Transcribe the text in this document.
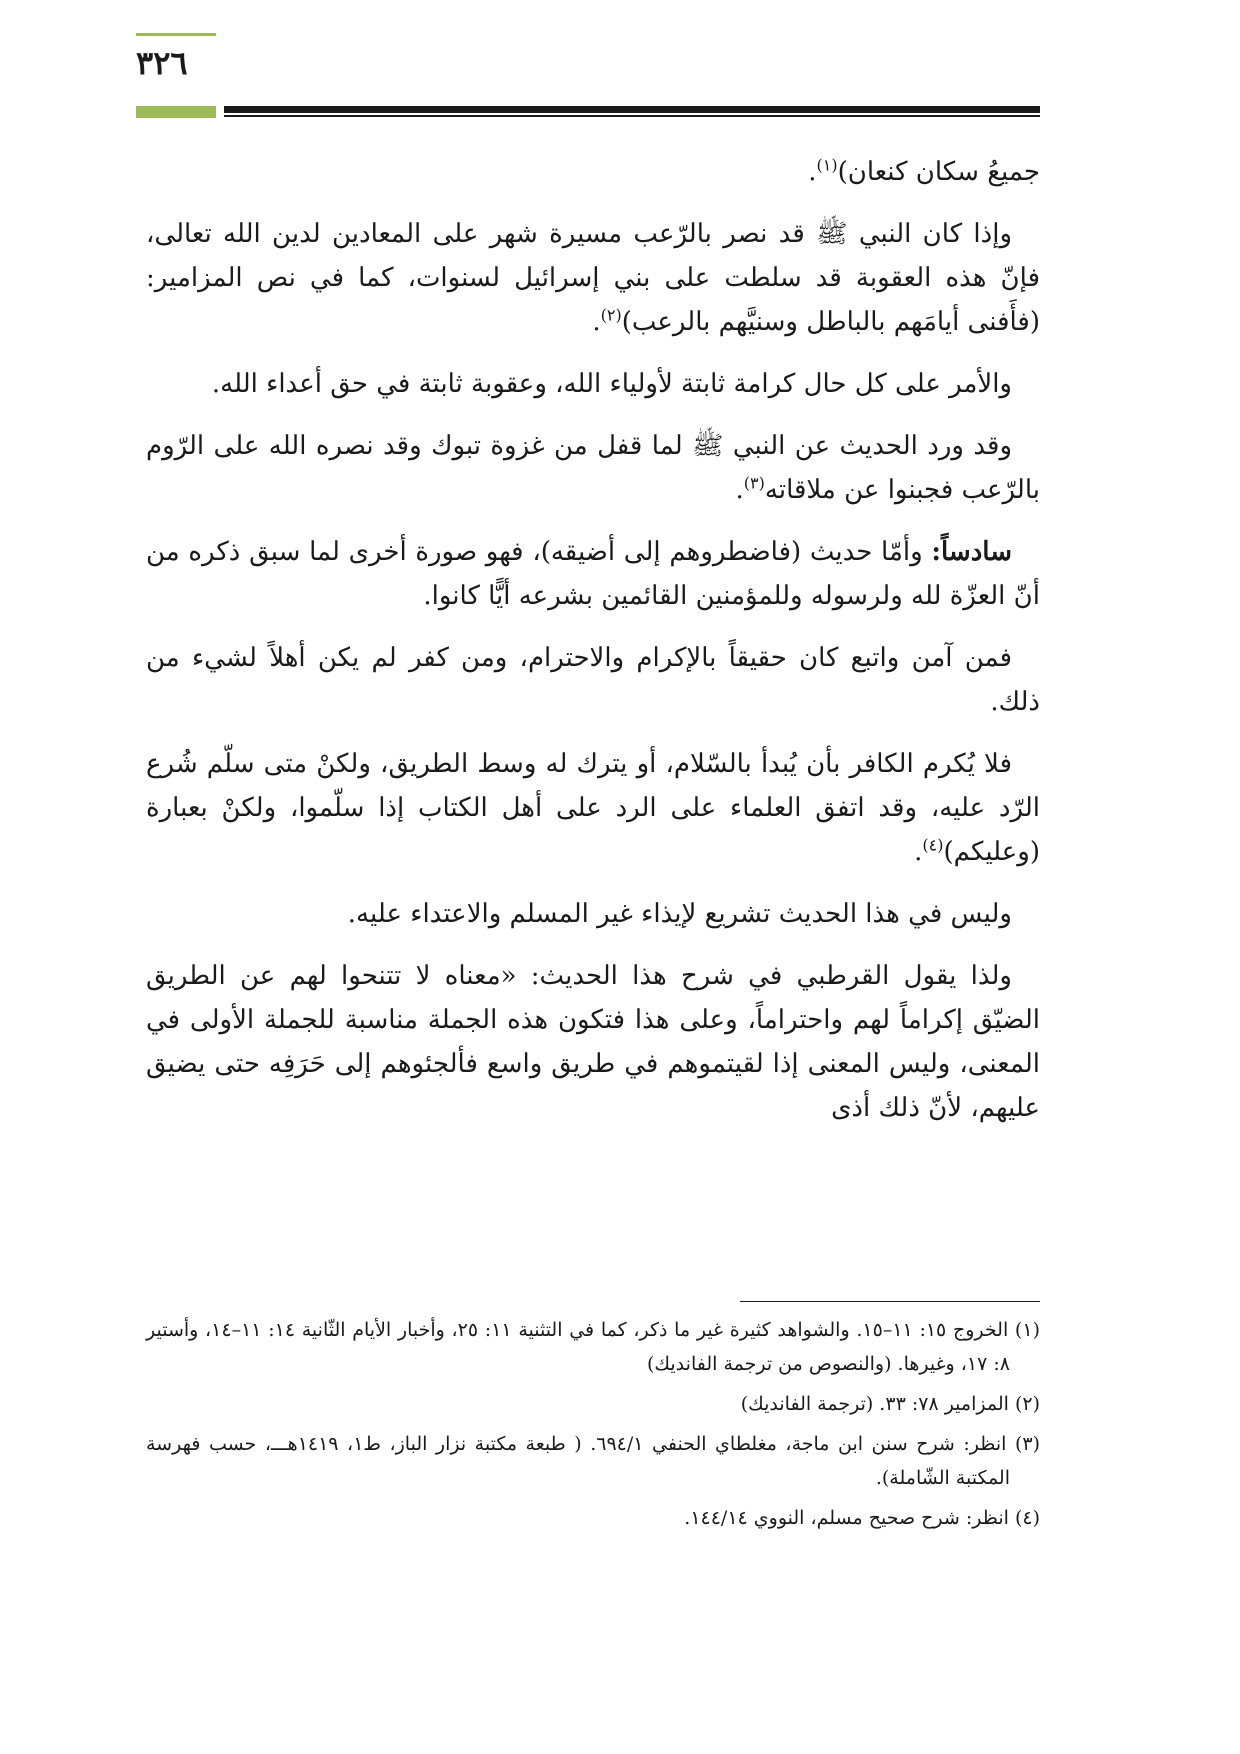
٣٢٦

جميعُ سكان كنعان)$^{(١)}$.

وإذا كان النبي ﷺ قد نصر بالرّعب مسيرة شهر على المعادين لدين الله تعالى، فإنّ هذه العقوبة قد سلطت على بني إسرائيل لسنوات، كما في نص المزامير: (فأَفنى أيامَهم بالباطل وسنيَّهم بالرعب)$^{(٢)}$.

والأمر على كل حال كرامة ثابتة لأولياء الله، وعقوبة ثابتة في حق أعداء الله.

وقد ورد الحديث عن النبي ﷺ لما قفل من غزوة تبوك وقد نصره الله على الرّوم بالرّعب فجبنوا عن ملاقاته$^{(٣)}$.

سادساً: وأمّا حديث (فاضطروهم إلى أضيقه)، فهو صورة أخرى لما سبق ذكره من أنّ العزّة لله ولرسوله وللمؤمنين القائمين بشرعه أيًّا كانوا.

فمن آمن واتبع كان حقيقاً بالإكرام والاحترام، ومن كفر لم يكن أهلاً لشيء من ذلك.

فلا يُكرم الكافر بأن يُبدأ بالسّلام، أو يترك له وسط الطريق، ولكنْ متى سلّم شُرع الرّد عليه، وقد اتفق العلماء على الرد على أهل الكتاب إذا سلّموا، ولكنْ بعبارة (وعليكم)$^{(٤)}$.

وليس في هذا الحديث تشريع لإيذاء غير المسلم والاعتداء عليه.

ولذا يقول القرطبي في شرح هذا الحديث: «معناه لا تتنحوا لهم عن الطريق الضيّق إكراماً لهم واحتراماً، وعلى هذا فتكون هذه الجملة مناسبة للجملة الأولى في المعنى، وليس المعنى إذا لقيتموهم في طريق واسع فألجئوهم إلى حَرَفِه حتى يضيق عليهم، لأنّ ذلك أذى

(١) الخروج ١٥: ١١–١٥. والشواهد كثيرة غير ما ذكر، كما في التثنية ١١: ٢٥، وأخبار الأيام الثّانية ١٤: ١١–١٤، وأستير ٨: ١٧، وغيرها. (والنصوص من ترجمة الفانديك)
(٢) المزامير ٧٨: ٣٣. (ترجمة الفانديك)
(٣) انظر: شرح سنن ابن ماجة، مغلطاي الحنفي ٦٩٤/١. ( طبعة مكتبة نزار الباز، ط١، ١٤١٩هـــ، حسب فهرسة المكتبة الشّاملة).
(٤) انظر: شرح صحيح مسلم، النووي ١٤٤/١٤.
